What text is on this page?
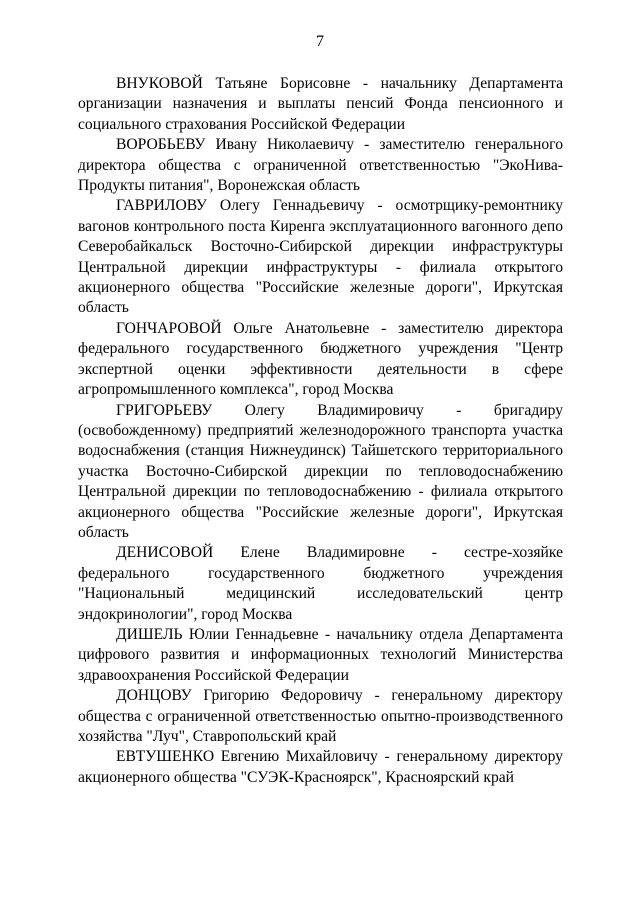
7

ВНУКОВОЙ Татьяне Борисовне - начальнику Департамента организации назначения и выплаты пенсий Фонда пенсионного и социального страхования Российской Федерации

ВОРОБЬЕВУ Ивану Николаевичу - заместителю генерального директора общества с ограниченной ответственностью "ЭкоНива-Продукты питания", Воронежская область

ГАВРИЛОВУ Олегу Геннадьевичу - осмотрщику-ремонтнику вагонов контрольного поста Киренга эксплуатационного вагонного депо Северобайкальск Восточно-Сибирской дирекции инфраструктуры Центральной дирекции инфраструктуры - филиала открытого акционерного общества "Российские железные дороги", Иркутская область

ГОНЧАРОВОЙ Ольге Анатольевне - заместителю директора федерального государственного бюджетного учреждения "Центр экспертной оценки эффективности деятельности в сфере агропромышленного комплекса", город Москва

ГРИГОРЬЕВУ Олегу Владимировичу - бригадиру (освобожденному) предприятий железнодорожного транспорта участка водоснабжения (станция Нижнеудинск) Тайшетского территориального участка Восточно-Сибирской дирекции по тепловодоснабжению Центральной дирекции по тепловодоснабжению - филиала открытого акционерного общества "Российские железные дороги", Иркутская область

ДЕНИСОВОЙ Елене Владимировне - сестре-хозяйке федерального государственного бюджетного учреждения "Национальный медицинский исследовательский центр эндокринологии", город Москва

ДИШЕЛЬ Юлии Геннадьевне - начальнику отдела Департамента цифрового развития и информационных технологий Министерства здравоохранения Российской Федерации

ДОНЦОВУ Григорию Федоровичу - генеральному директору общества с ограниченной ответственностью опытно-производственного хозяйства "Луч", Ставропольский край

ЕВТУШЕНКО Евгению Михайловичу - генеральному директору акционерного общества "СУЭК-Красноярск", Красноярский край
